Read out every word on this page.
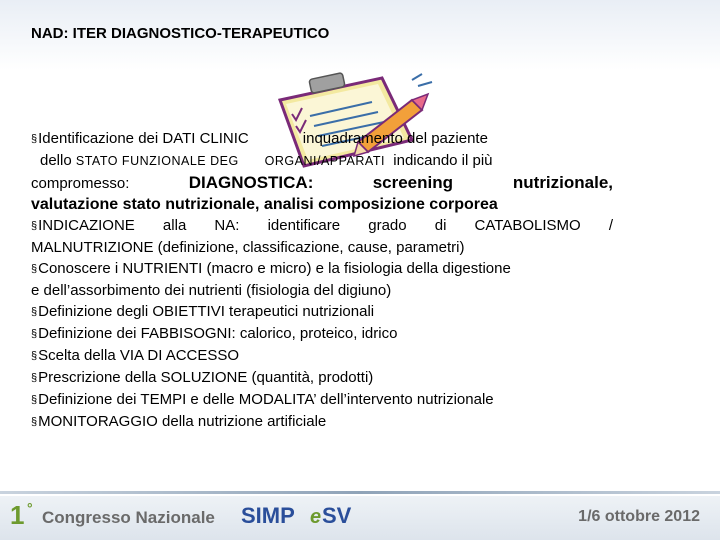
NAD: ITER DIAGNOSTICO-TERAPEUTICO

§Identificazione dei DATI CLINIC	inquadramento del paziente

dello STATO FUNZIONALE DEG ORGANI/APPARATI indicando il più

compromesso:	DIAGNOSTICA:	screening nutrizionale,

valutazione stato nutrizionale, analisi composizione corporea

§INDICAZIONE alla NA: identificare grado di CATABOLISMO /

MALNUTRIZIONE (definizione, classificazione, cause, parametri)

§Conoscere i NUTRIENTI (macro e micro) e la fisiologia della digestione

e dell’assorbimento dei nutrienti (fisiologia del digiuno)

§Definizione degli OBIETTIVI terapeutici nutrizionali

§Definizione dei FABBISOGNI: calorico, proteico, idrico

§Scelta della VIA DI ACCESSO

§Prescrizione della SOLUZIONE (quantità, prodotti)

§Definizione dei TEMPI e delle MODALITA’ dell’intervento nutrizionale

§MONITORAGGIO della nutrizione artificiale

1 ° Congresso Nazionale SIMP e SV	1/6 ottobre 2012
